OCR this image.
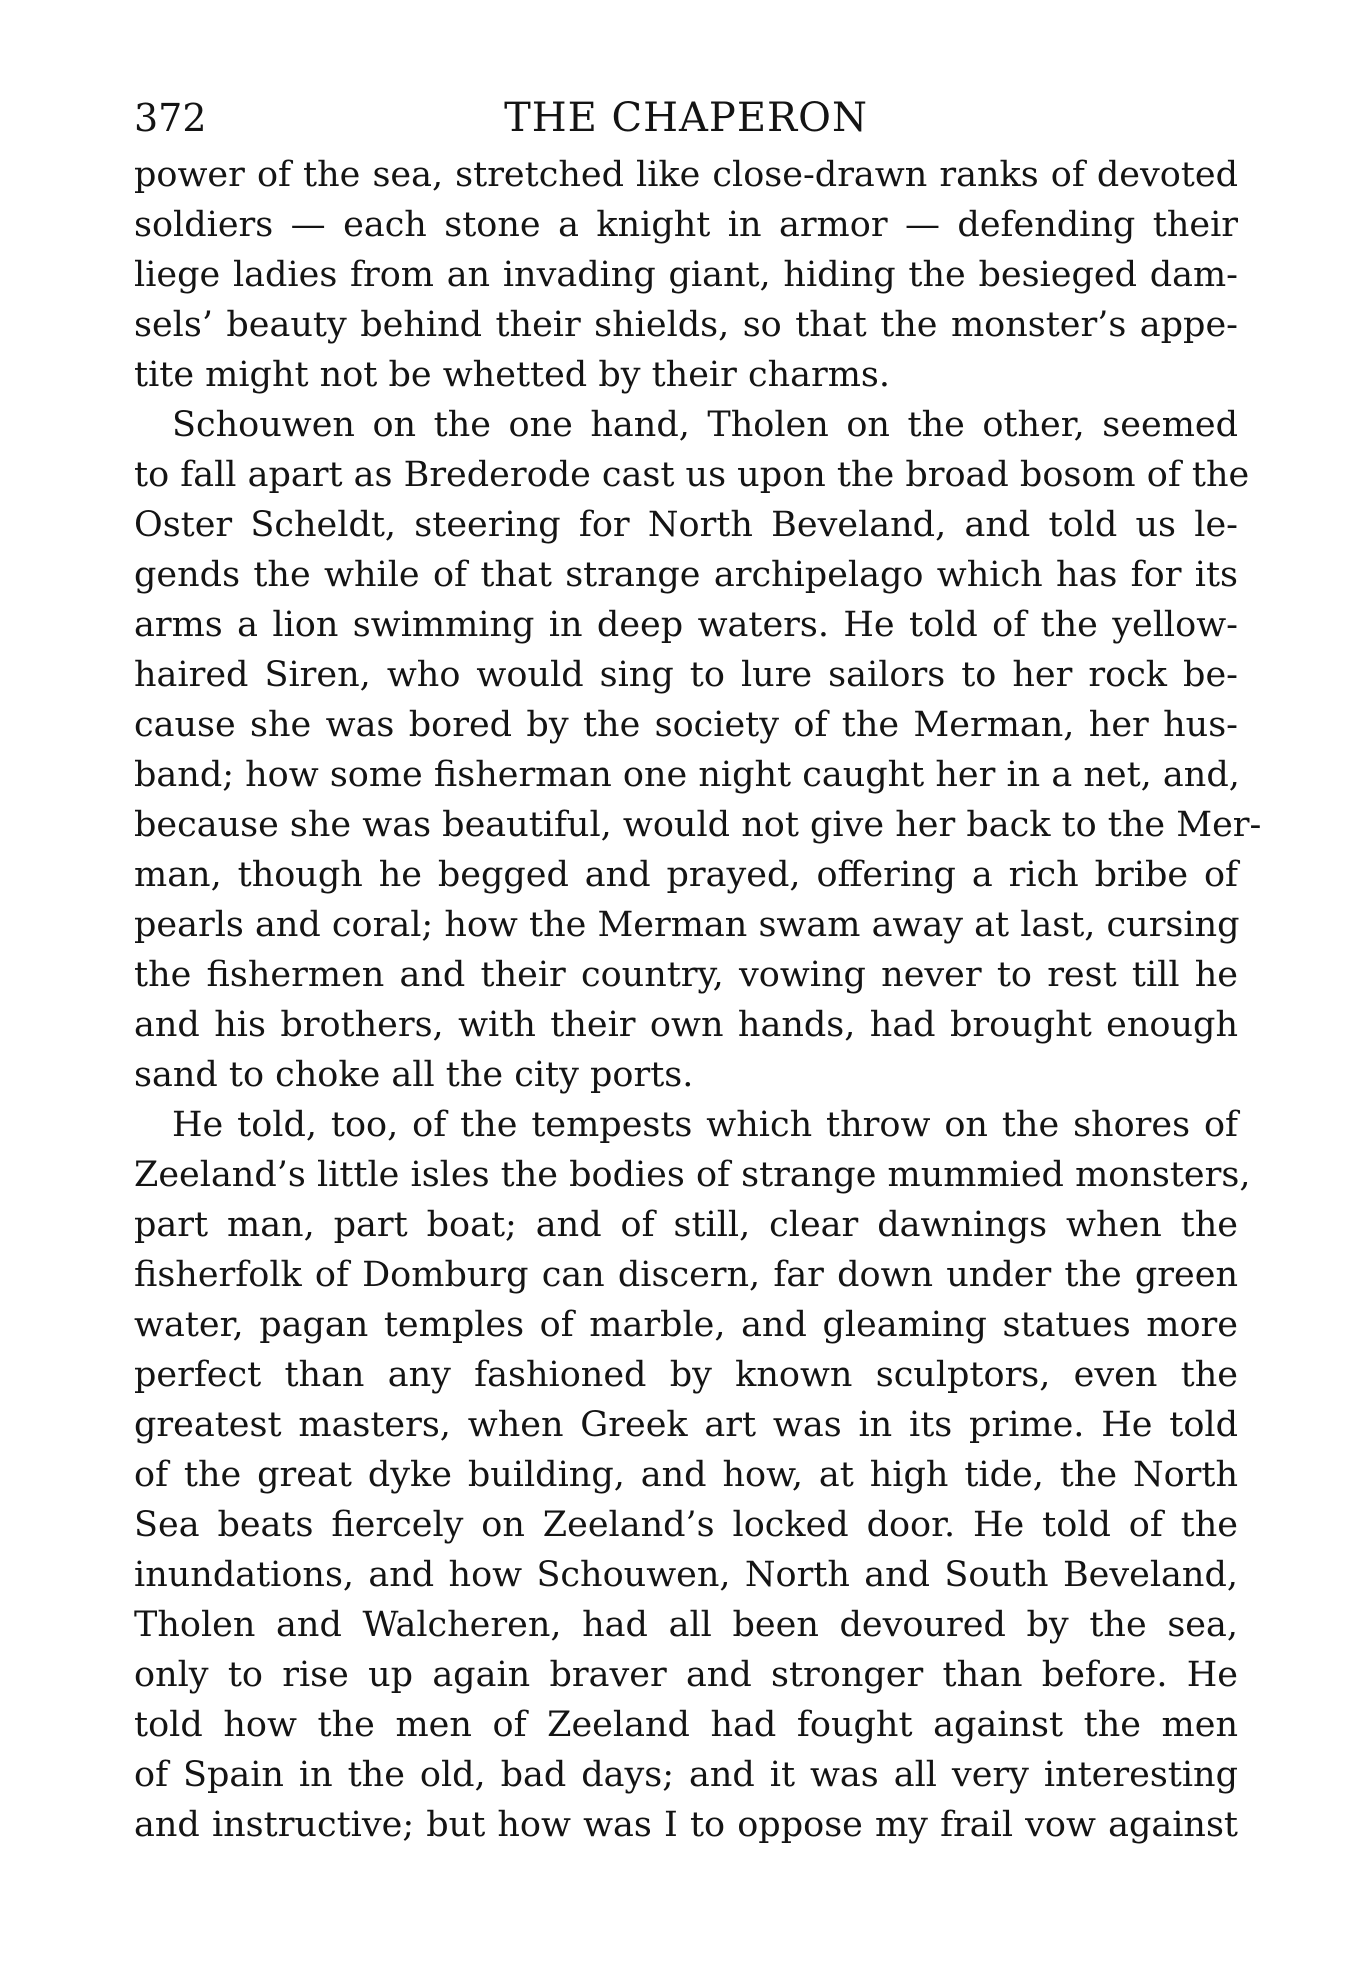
372	THE CHAPERON
power of the sea, stretched like close-drawn ranks of devoted
soldiers — each stone a knight in armor — defending their
liege ladies from an invading giant, hiding the besieged dam-
sels’ beauty behind their shields, so that the monster’s appe-
tite might not be whetted by their charms.
Schouwen on the one hand, Tholen on the other, seemed
to fall apart as Brederode cast us upon the broad bosom of the
Oster Scheldt, steering for North Beveland, and told us le-
gends the while of that strange archipelago which has for its
arms a lion swimming in deep waters. He told of the yellow-
haired Siren, who would sing to lure sailors to her rock be-
cause she was bored by the society of the Merman, her hus-
band; how some fisherman one night caught her in a net, and,
because she was beautiful, would not give her back to the Mer-
man, though he begged and prayed, offering a rich bribe of
pearls and coral; how the Merman swam away at last, cursing
the fishermen and their country, vowing never to rest till he
and his brothers, with their own hands, had brought enough
sand to choke all the city ports.
He told, too, of the tempests which throw on the shores of
Zeeland’s little isles the bodies of strange mummied monsters,
part man, part boat; and of still, clear dawnings when the
fisherfolk of Domburg can discern, far down under the green
water, pagan temples of marble, and gleaming statues more
perfect than any fashioned by known sculptors, even the
greatest masters, when Greek art was in its prime. He told
of the great dyke building, and how, at high tide, the North
Sea beats fiercely on Zeeland’s locked door. He told of the
inundations, and how Schouwen, North and South Beveland,
Tholen and Walcheren, had all been devoured by the sea,
only to rise up again braver and stronger than before. He
told how the men of Zeeland had fought against the men
of Spain in the old, bad days; and it was all very interesting
and instructive; but how was I to oppose my frail vow against
